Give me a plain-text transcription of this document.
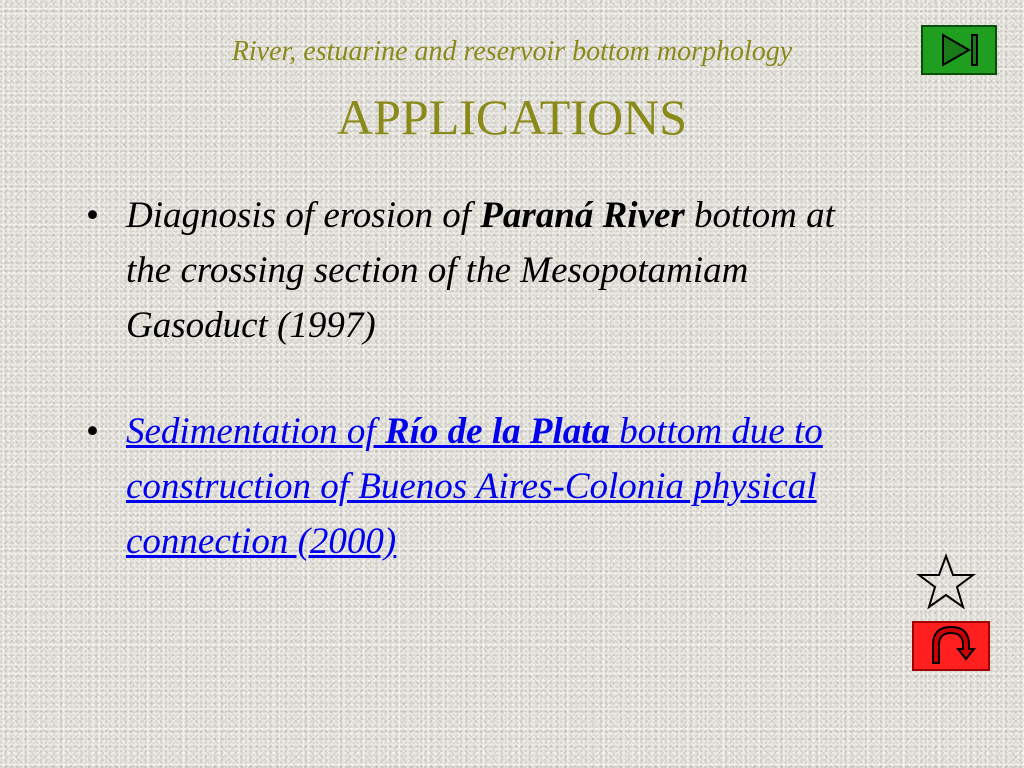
River, estuarine and reservoir bottom morphology

APPLICATIONS
• Diagnosis of erosion of Paraná River bottom at the crossing section of the Mesopotamiam Gasoduct (1997)
• Sedimentation of Río de la Plata bottom due to construction of Buenos Aires-Colonia physical connection (2000)
